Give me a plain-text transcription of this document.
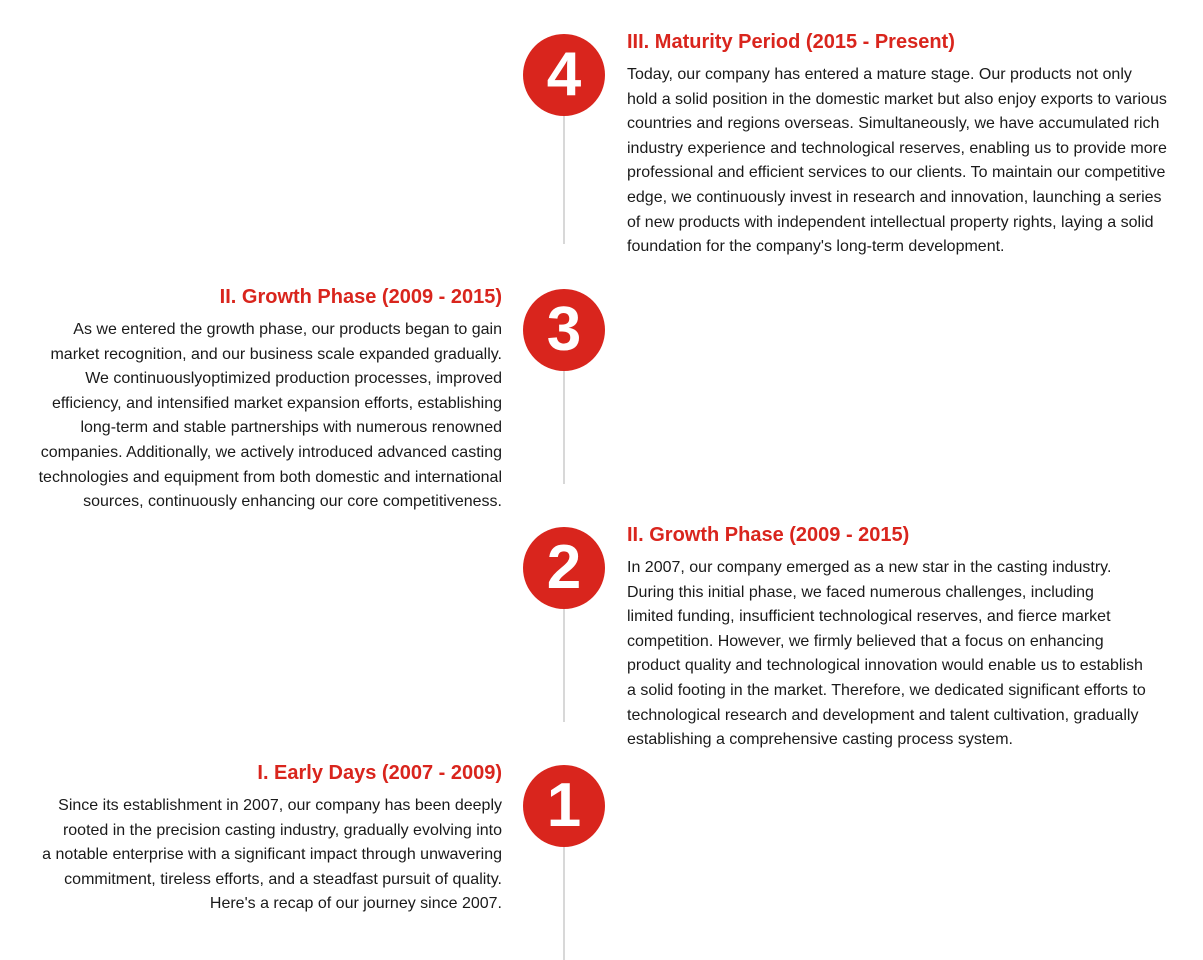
4	III. Maturity Period (2015 - Present)
Today, our company has entered a mature stage. Our products not only
hold a solid position in the domestic market but also enjoy exports to various
countries and regions overseas. Simultaneously, we have accumulated rich
industry experience and technological reserves, enabling us to provide more
professional and efficient services to our clients. To maintain our competitive
edge, we continuously invest in research and innovation, launching a series
of new products with independent intellectual property rights, laying a solid
foundation for the company's long-term development.
3
II. Growth Phase (2009 - 2015)
As we entered the growth phase, our products began to gain
market recognition, and our business scale expanded gradually.
We continuouslyoptimized production processes, improved
efficiency, and intensified market expansion efforts, establishing
long-term and stable partnerships with numerous renowned
companies. Additionally, we actively introduced advanced casting
technologies and equipment from both domestic and international
sources, continuously enhancing our core competitiveness.
2	II. Growth Phase (2009 - 2015)
In 2007, our company emerged as a new star in the casting industry.
During this initial phase, we faced numerous challenges, including
limited funding, insufficient technological reserves, and fierce market
competition. However, we firmly believed that a focus on enhancing
product quality and technological innovation would enable us to establish
a solid footing in the market. Therefore, we dedicated significant efforts to
technological research and development and talent cultivation, gradually
establishing a comprehensive casting process system.
1
I. Early Days (2007 - 2009)
Since its establishment in 2007, our company has been deeply
rooted in the precision casting industry, gradually evolving into
a notable enterprise with a significant impact through unwavering
commitment, tireless efforts, and a steadfast pursuit of quality.
Here's a recap of our journey since 2007.
